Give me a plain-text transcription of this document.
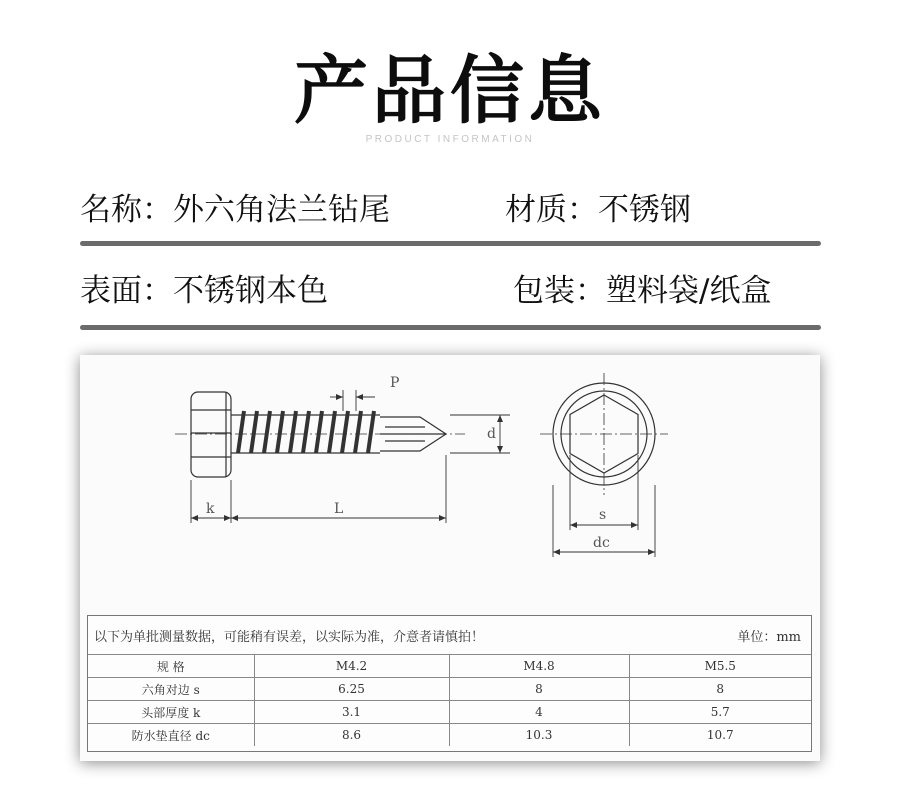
产品信息
PRODUCT INFORMATION
名称：外六角法兰钻尾	材质：不锈钢
表面：不锈钢本色	包装：塑料袋/纸盒
P
d
k	L	s
dc
以下为单批测量数据，可能稍有误差，以实际为准，介意者请慎拍！	单位：mm
规 格	M4.2	M4.8	M5.5
六角对边 s	6.25	8	8
头部厚度 k	3.1	4	5.7
防水垫直径 dc	8.6	10.3	10.7
